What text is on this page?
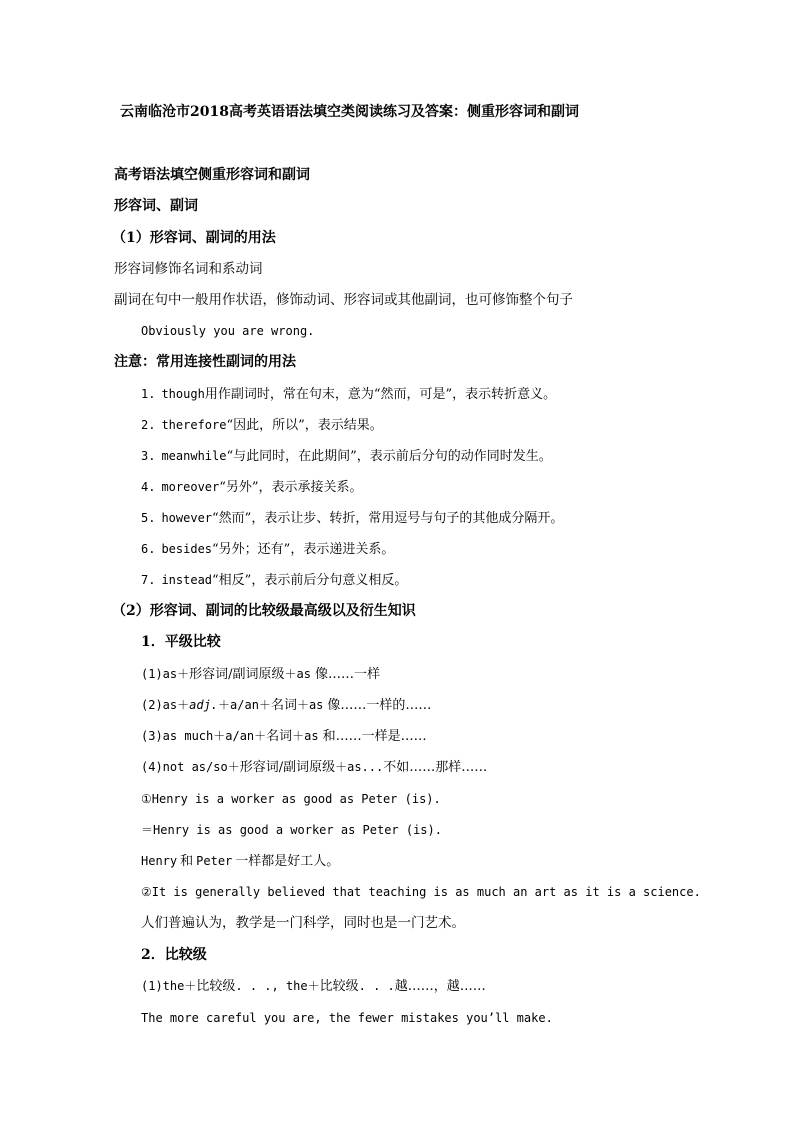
云南临沧市2018高考英语语法填空类阅读练习及答案：侧重形容词和副词
高考语法填空侧重形容词和副词
形容词、副词
（1）形容词、副词的用法
形容词修饰名词和系动词
副词在句中一般用作状语，修饰动词、形容词或其他副词，也可修饰整个句子
Obviously you are wrong.
注意：常用连接性副词的用法
1. though用作副词时，常在句末，意为“然而，可是”，表示转折意义。
2. therefore“因此，所以”，表示结果。
3. meanwhile“与此同时，在此期间”，表示前后分句的动作同时发生。
4. moreover“另外”，表示承接关系。
5. however“然而”，表示让步、转折，常用逗号与句子的其他成分隔开。
6. besides“另外；还有”，表示递进关系。
7. instead“相反”，表示前后分句意义相反。
（2）形容词、副词的比较级最高级以及衍生知识
1．平级比较
(1)as＋形容词/副词原级＋as 像……一样
(2)as＋adj.＋a/an＋名词＋as 像……一样的……
(3)as much＋a/an＋名词＋as 和……一样是……
(4)not as/so＋形容词/副词原级＋as...不如……那样……
①Henry is a worker as good as Peter (is).
＝Henry is as good a worker as Peter (is).
Henry 和 Peter 一样都是好工人。
②It is generally believed that teaching is as much an art as it is a science.
人们普遍认为，教学是一门科学，同时也是一门艺术。
2．比较级
(1)the＋比较级. . ., the＋比较级. . .越……，越……
The more careful you are, the fewer mistakes you’ll make.
